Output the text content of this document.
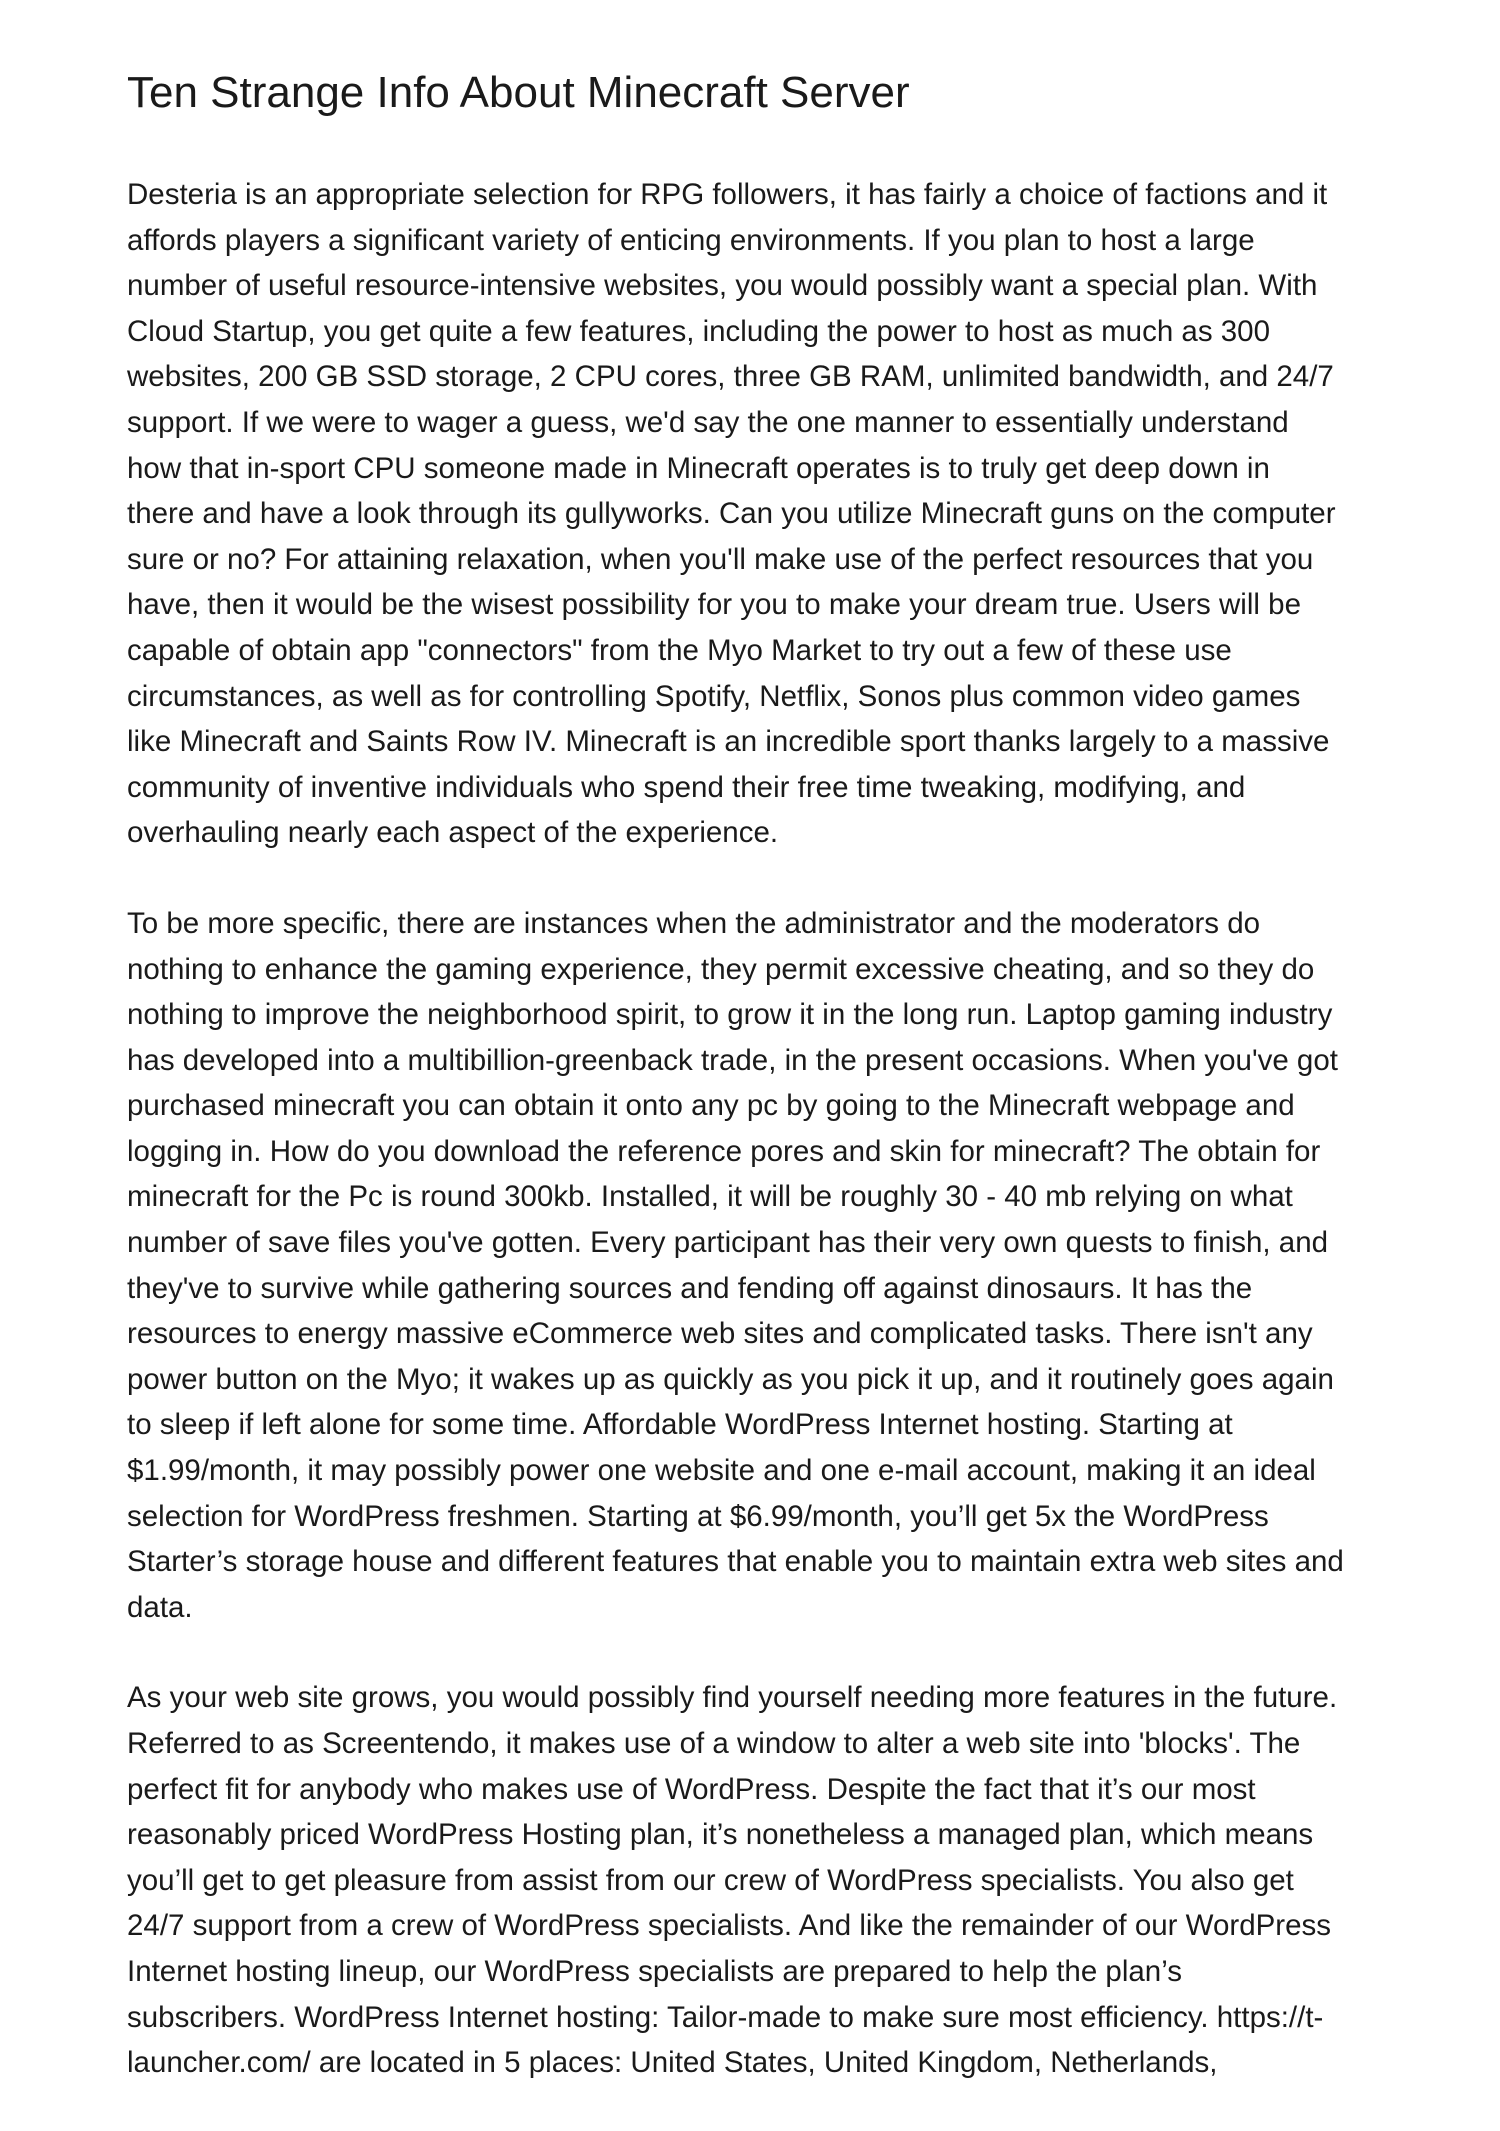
Ten Strange Info About Minecraft Server
Desteria is an appropriate selection for RPG followers, it has fairly a choice of factions and it
affords players a significant variety of enticing environments. If you plan to host a large
number of useful resource-intensive websites, you would possibly want a special plan. With
Cloud Startup, you get quite a few features, including the power to host as much as 300
websites, 200 GB SSD storage, 2 CPU cores, three GB RAM, unlimited bandwidth, and 24/7
support. If we were to wager a guess, we'd say the one manner to essentially understand
how that in-sport CPU someone made in Minecraft operates is to truly get deep down in
there and have a look through its gullyworks. Can you utilize Minecraft guns on the computer
sure or no? For attaining relaxation, when you'll make use of the perfect resources that you
have, then it would be the wisest possibility for you to make your dream true. Users will be
capable of obtain app "connectors" from the Myo Market to try out a few of these use
circumstances, as well as for controlling Spotify, Netflix, Sonos plus common video games
like Minecraft and Saints Row IV. Minecraft is an incredible sport thanks largely to a massive
community of inventive individuals who spend their free time tweaking, modifying, and
overhauling nearly each aspect of the experience.
To be more specific, there are instances when the administrator and the moderators do
nothing to enhance the gaming experience, they permit excessive cheating, and so they do
nothing to improve the neighborhood spirit, to grow it in the long run. Laptop gaming industry
has developed into a multibillion-greenback trade, in the present occasions. When you've got
purchased minecraft you can obtain it onto any pc by going to the Minecraft webpage and
logging in. How do you download the reference pores and skin for minecraft? The obtain for
minecraft for the Pc is round 300kb. Installed, it will be roughly 30 - 40 mb relying on what
number of save files you've gotten. Every participant has their very own quests to finish, and
they've to survive while gathering sources and fending off against dinosaurs. It has the
resources to energy massive eCommerce web sites and complicated tasks. There isn't any
power button on the Myo; it wakes up as quickly as you pick it up, and it routinely goes again
to sleep if left alone for some time. Affordable WordPress Internet hosting. Starting at
$1.99/month, it may possibly power one website and one e-mail account, making it an ideal
selection for WordPress freshmen. Starting at $6.99/month, you’ll get 5x the WordPress
Starter’s storage house and different features that enable you to maintain extra web sites and
data.
As your web site grows, you would possibly find yourself needing more features in the future.
Referred to as Screentendo, it makes use of a window to alter a web site into 'blocks'. The
perfect fit for anybody who makes use of WordPress. Despite the fact that it’s our most
reasonably priced WordPress Hosting plan, it’s nonetheless a managed plan, which means
you’ll get to get pleasure from assist from our crew of WordPress specialists. You also get
24/7 support from a crew of WordPress specialists. And like the remainder of our WordPress
Internet hosting lineup, our WordPress specialists are prepared to help the plan’s
subscribers. WordPress Internet hosting: Tailor-made to make sure most efficiency. https://t-
launcher.com/ are located in 5 places: United States, United Kingdom, Netherlands,
